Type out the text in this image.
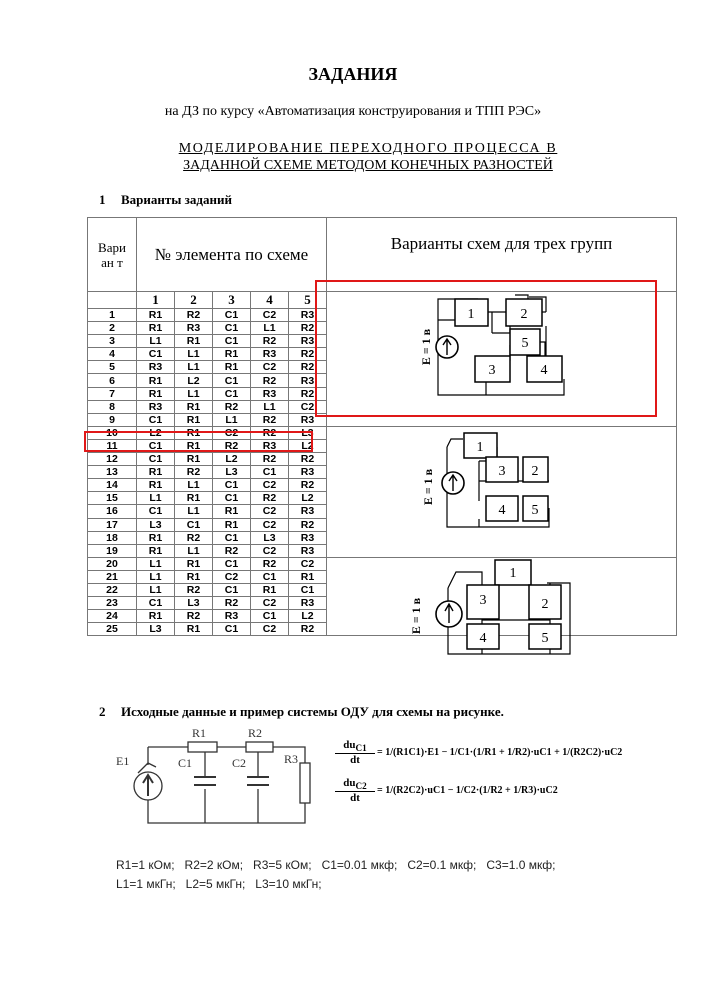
ЗАДАНИЯ
на ДЗ по курсу «Автоматизация конструирования и ТПП РЭС»
МОДЕЛИРОВАНИЕ ПЕРЕХОДНОГО ПРОЦЕССА В
ЗАДАННОЙ СХЕМЕ МЕТОДОМ КОНЕЧНЫХ РАЗНОСТЕЙ
1 Варианты заданий
Вари ан т	№ элемента по схеме					Варианты схем для трех групп
	1	2	3	4	5	
1	R1	R2	C1	C2	R3	
2	R1	R3	C1	L1	R2	
3	L1	R1	C1	R2	R3	
4	C1	L1	R1	R3	R2	
5	R3	L1	R1	C2	R2	
6	R1	L2	C1	R2	R3	
7	R1	L1	C1	R3	R2	
8	R3	R1	R2	L1	C2	
9	C1	R1	L1	R2	R3	
10	L2	R1	C2	R2	L3	
11	C1	R1	R2	R3	L2	
12	C1	R1	L2	R2	R2	
13	R1	R2	L3	C1	R3	
14	R1	L1	C1	C2	R2	
15	L1	R1	C1	R2	L2	
16	C1	L1	R1	C2	R3	
17	L3	C1	R1	C2	R2	
18	R1	R2	C1	L3	R3	
19	R1	L1	R2	C2	R3	
20	L1	R1	C1	R2	C2	
21	L1	R1	C2	C1	R1	
22	L1	R2	C1	R1	C1	
23	C1	L3	R2	C2	R3	
24	R1	R2	R3	C1	L2	
25	L3	R1	C1	C2	R2	
1	2
5
3	4
E = 1 в
1
3 2
4 5
E = 1 в
1
3	2
4	5
E = 1 в
2 Исходные данные и пример системы ОДУ для схемы на рисунке.
R1	R2
E1	C1	C2	R3
$du_{C1}$
dt
= 1/(R1C1)·E1 − 1/C1·(1/R1 + 1/R2)·uC1 + 1/(R2C2)·uC2
$du_{C2}$
dt
= 1/(R2C2)·uC1 − 1/C2·(1/R2 + 1/R3)·uC2
R1=1 кОм;   R2=2 кОм;   R3=5 кОм;   C1=0.01 мкф;   C2=0.1 мкф;   C3=1.0 мкф;
L1=1 мкГн;   L2=5 мкГн;   L3=10 мкГн;
